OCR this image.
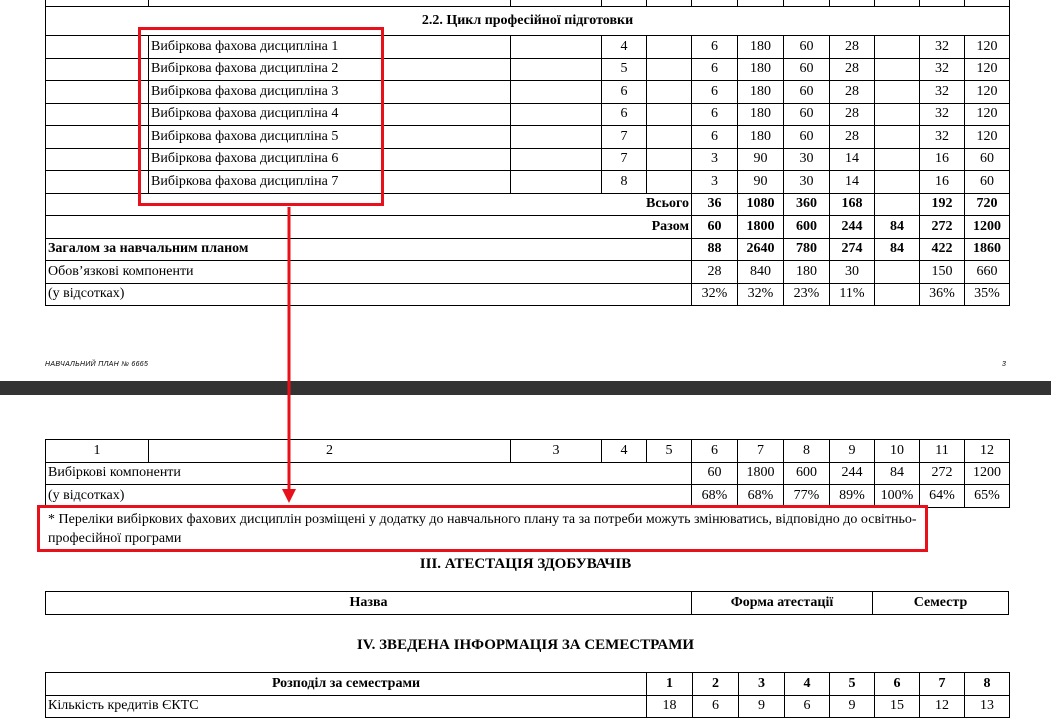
2.2. Цикл професійної підготовки											
	Вибіркова фахова дисципліна 1		4		6	180	60	28		32	120
	Вибіркова фахова дисципліна 2		5		6	180	60	28		32	120
	Вибіркова фахова дисципліна 3		6		6	180	60	28		32	120
	Вибіркова фахова дисципліна 4		6		6	180	60	28		32	120
	Вибіркова фахова дисципліна 5		7		6	180	60	28		32	120
	Вибіркова фахова дисципліна 6		7		3	90	30	14		16	60
	Вибіркова фахова дисципліна 7		8		3	90	30	14		16	60
Всього					36	1080	360	168		192	720
Разом					60	1800	600	244	84	272	1200
Загалом за навчальним планом					88	2640	780	274	84	422	1860
Обов’язкові компоненти					28	840	180	30		150	660
(у відсотках)					32%	32%	23%	11%		36%	35%
НАВЧАЛЬНИЙ ПЛАН № 6665	3
1	2	3	4	5	6	7	8	9	10	11	12
Вибіркові компоненти					60	1800	600	244	84	272	1200
(у відсотках)					68%	68%	77%	89%	100%	64%	65%
* Переліки вибіркових фахових дисциплін розміщені у додатку до навчального плану та за потреби можуть змінюватись, відповідно до освітньо-професійної програми
ІІІ. АТЕСТАЦІЯ ЗДОБУВАЧІВ
Назва	Форма атестації	Семестр
IV. ЗВЕДЕНА ІНФОРМАЦІЯ ЗА СЕМЕСТРАМИ
Розподіл за семестрами	1	2	3	4	5	6	7	8
Кількість кредитів ЄКТС	18	6	9	6	9	15	12	13
